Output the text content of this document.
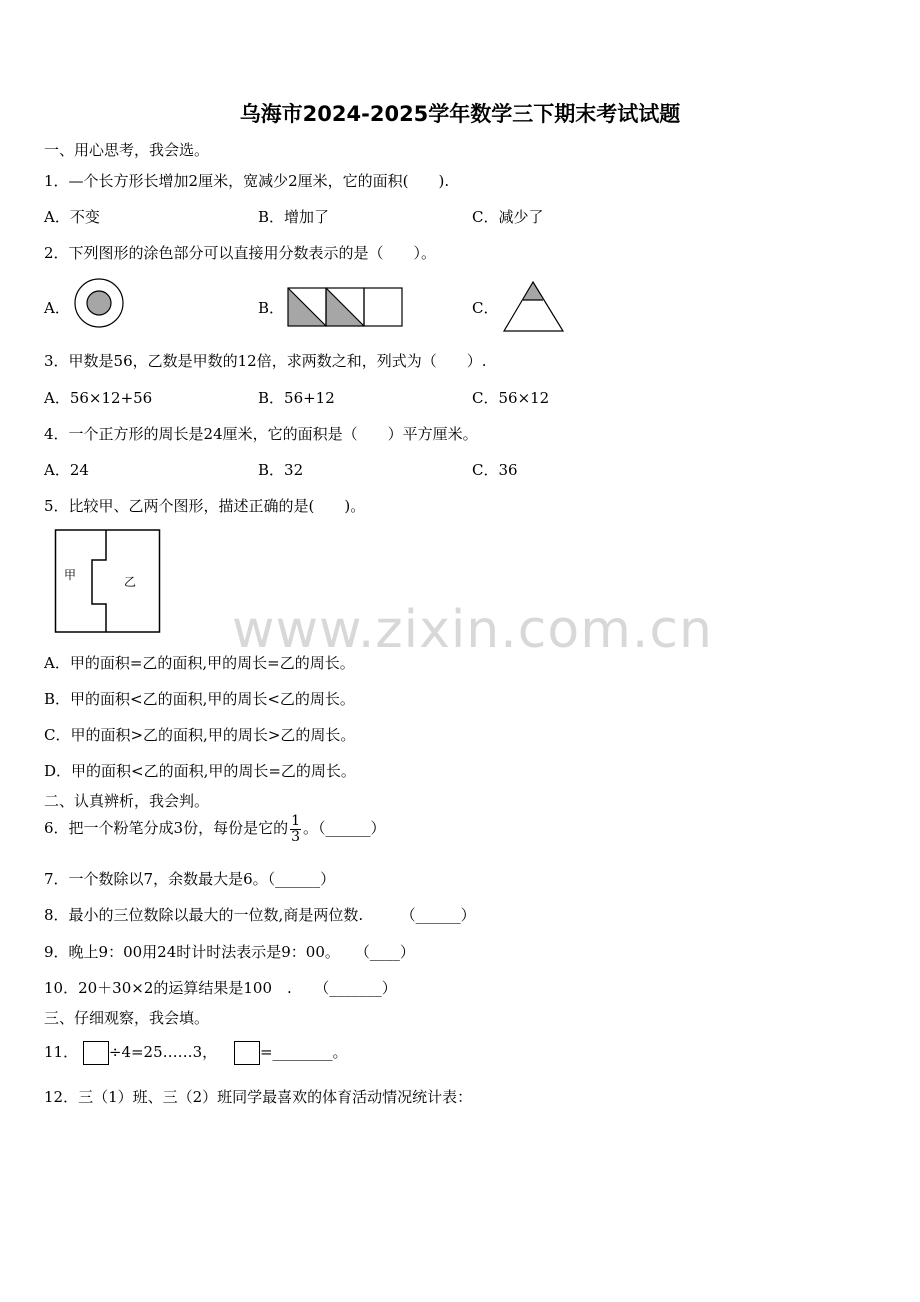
乌海市2024-2025学年数学三下期末考试试题
一、用心思考，我会选。
1．—个长方形长增加2厘米，宽减少2厘米，它的面积(　　).
A．不变	B．增加了	C．减少了
2．下列图形的涂色部分可以直接用分数表示的是（　　）。
A．	B．	C．
3．甲数是56，乙数是甲数的12倍，求两数之和，列式为（　　）.
A．56×12+56	B．56+12	C．56×12
4．一个正方形的周长是24厘米，它的面积是（　　）平方厘米。
A．24	B．32	C．36
5．比较甲、乙两个图形，描述正确的是(　　)。
甲	乙
www.zixin.com.cn
A．甲的面积=乙的面积,甲的周长=乙的周长。
B．甲的面积<乙的面积,甲的周长<乙的周长。
C．甲的面积>乙的面积,甲的周长>乙的周长。
D．甲的面积<乙的面积,甲的周长=乙的周长。
二、认真辨析，我会判。
6．把一个粉笔分成3份，每份是它的 $\frac{1}{3}$ 。（______）
7．一个数除以7，余数最大是6。（______）
8．最小的三位数除以最大的一位数,商是两位数.　　　（______）
9．晚上9：00用24时计时法表示是9：00。　　（____）
10．20＋30×2的运算结果是100　.　　（_______）
三、仔细观察，我会填。
11． ÷4=25……3，	=________。
12．三（1）班、三（2）班同学最喜欢的体育活动情况统计表：
